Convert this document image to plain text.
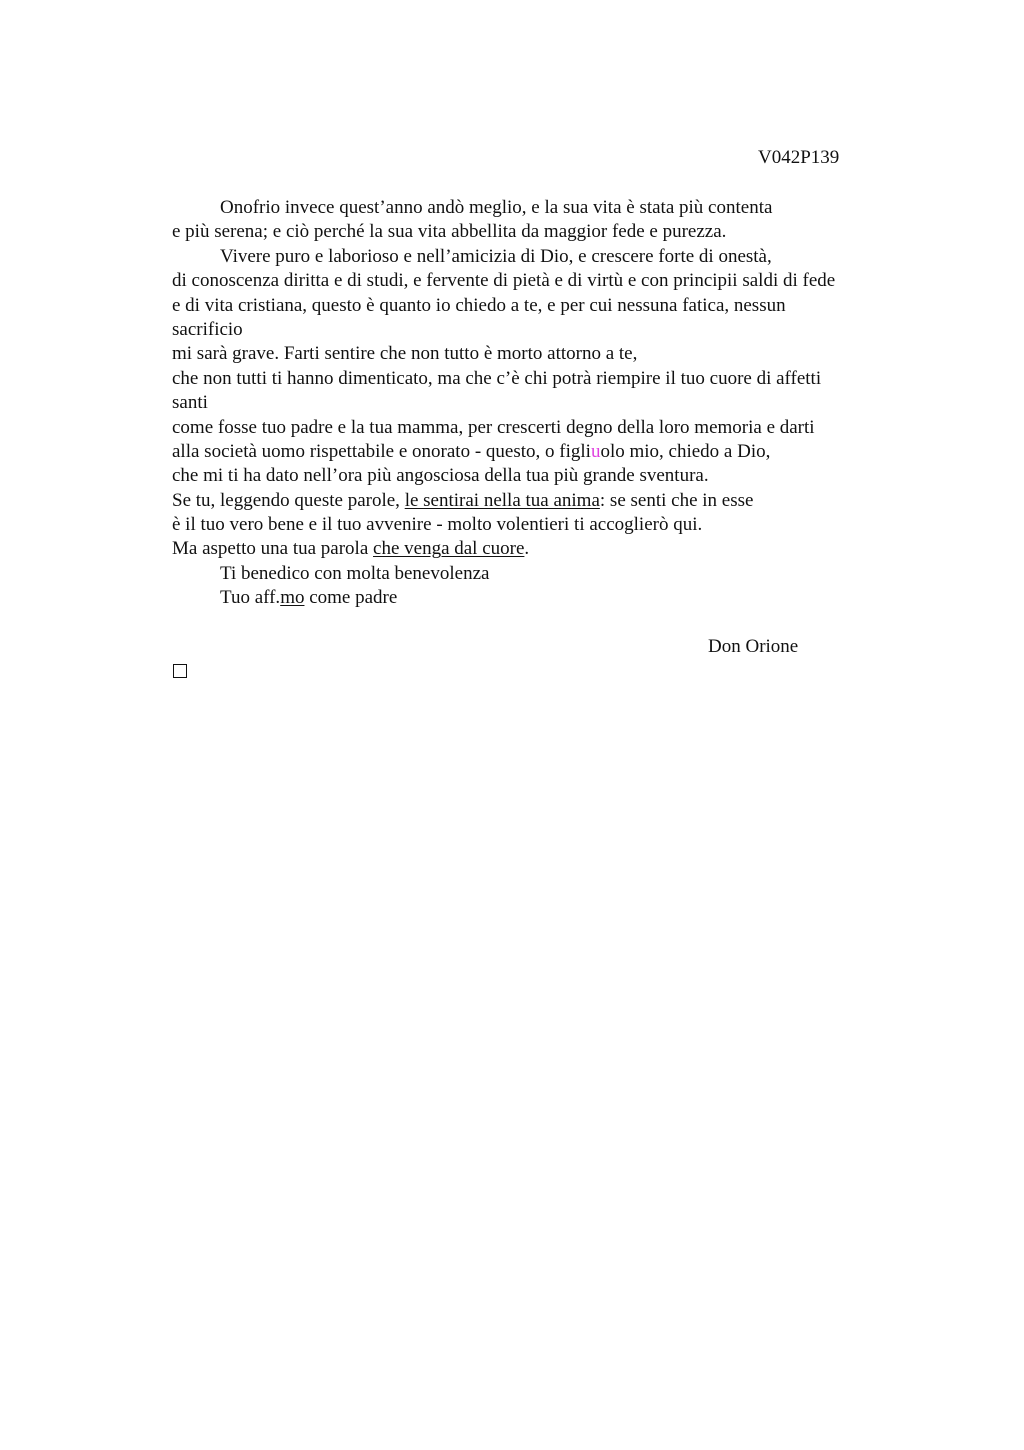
V042P139
Onofrio invece quest’anno andò meglio, e la sua vita è stata più contenta
e più serena; e ciò perché la sua vita abbellita da maggior fede e purezza.
Vivere puro e laborioso e nell’amicizia di Dio, e crescere forte di onestà,
di conoscenza diritta e di studi, e fervente di pietà e di virtù e con principii saldi di fede
e di vita cristiana, questo è quanto io chiedo a te, e per cui nessuna fatica, nessun
sacrificio
mi sarà grave. Farti sentire che non tutto è morto attorno a te,
che non tutti ti hanno dimenticato, ma che c’è chi potrà riempire il tuo cuore di affetti
santi
come fosse tuo padre e la tua mamma, per crescerti degno della loro memoria e darti
alla società uomo rispettabile e onorato - questo, o figliuolo mio, chiedo a Dio,
che mi ti ha dato nell’ora più angosciosa della tua più grande sventura.
Se tu, leggendo queste parole, le sentirai nella tua anima: se senti che in esse
è il tuo vero bene e il tuo avvenire - molto volentieri ti accoglierò qui.
Ma aspetto una tua parola che venga dal cuore.
Ti benedico con molta benevolenza
Tuo aff.mo come padre
Don Orione
